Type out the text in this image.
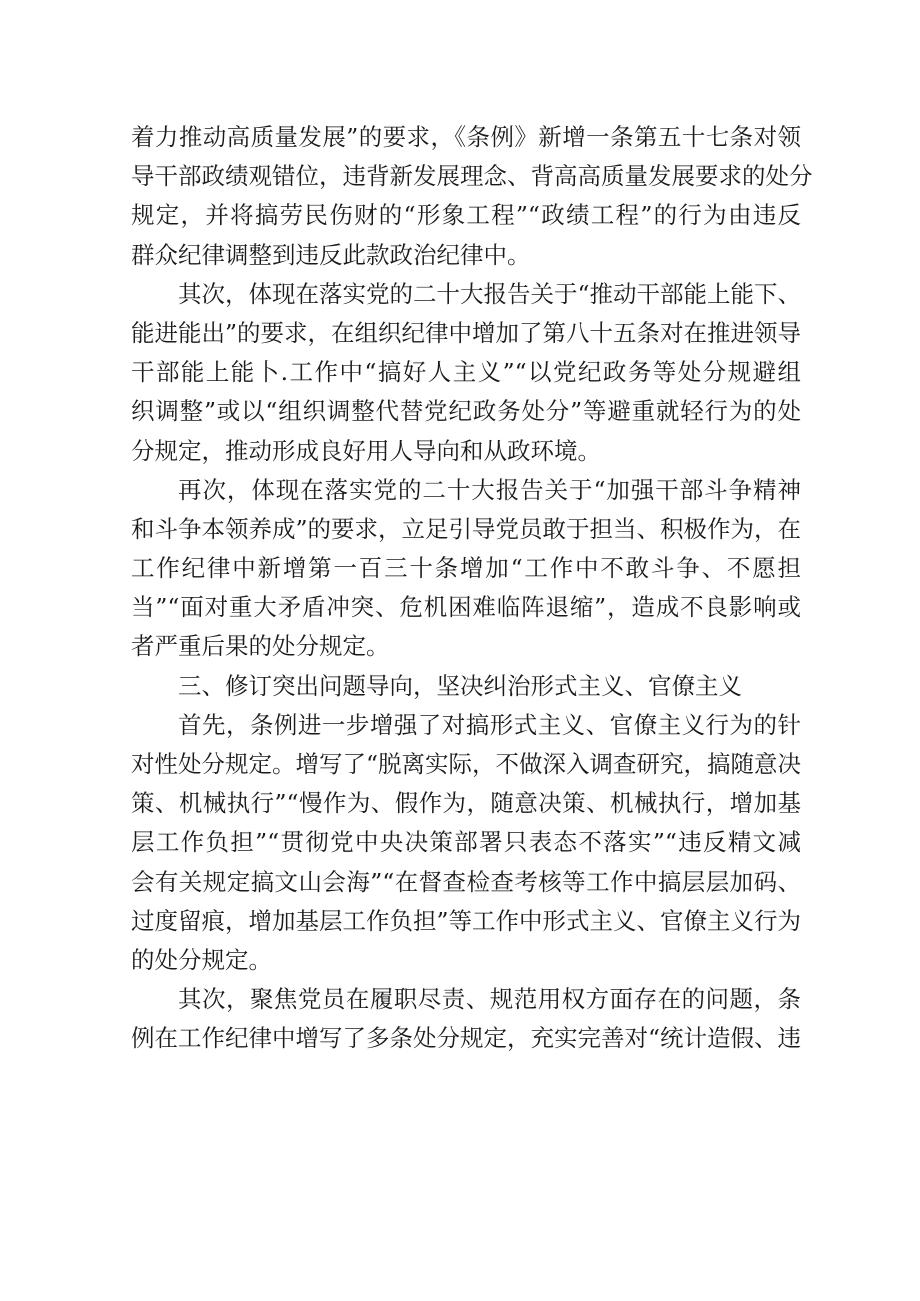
着力推动高质量发展”的要求，《条例》新增一条第五十七条对领
导干部政绩观错位，违背新发展理念、背高高质量发展要求的处分
规定，并将搞劳民伤财的“形象工程”“政绩工程”的行为由违反
群众纪律调整到违反此款政治纪律中。
其次，体现在落实党的二十大报告关于“推动干部能上能下、
能进能出”的要求，在组织纪律中增加了第八十五条对在推进领导
干部能上能卜.工作中“搞好人主义”“以党纪政务等处分规避组
织调整”或以“组织调整代替党纪政务处分”等避重就轻行为的处
分规定，推动形成良好用人导向和从政环境。
再次，体现在落实党的二十大报告关于“加强干部斗争精神
和斗争本领养成”的要求，立足引导党员敢于担当、积极作为，在
工作纪律中新增第一百三十条增加“工作中不敢斗争、不愿担
当”“面对重大矛盾冲突、危机困难临阵退缩”，造成不良影响或
者严重后果的处分规定。
三、修订突出问题导向，坚决纠治形式主义、官僚主义
首先，条例进一步增强了对搞形式主义、官僚主义行为的针
对性处分规定。增写了“脱离实际，不做深入调查研究，搞随意决
策、机械执行”“慢作为、假作为，随意决策、机械执行，增加基
层工作负担”“贯彻党中央决策部署只表态不落实”“违反精文减
会有关规定搞文山会海”“在督查检查考核等工作中搞层层加码、
过度留痕，增加基层工作负担”等工作中形式主义、官僚主义行为
的处分规定。
其次，聚焦党员在履职尽责、规范用权方面存在的问题，条
例在工作纪律中增写了多条处分规定，充实完善对“统计造假、违
